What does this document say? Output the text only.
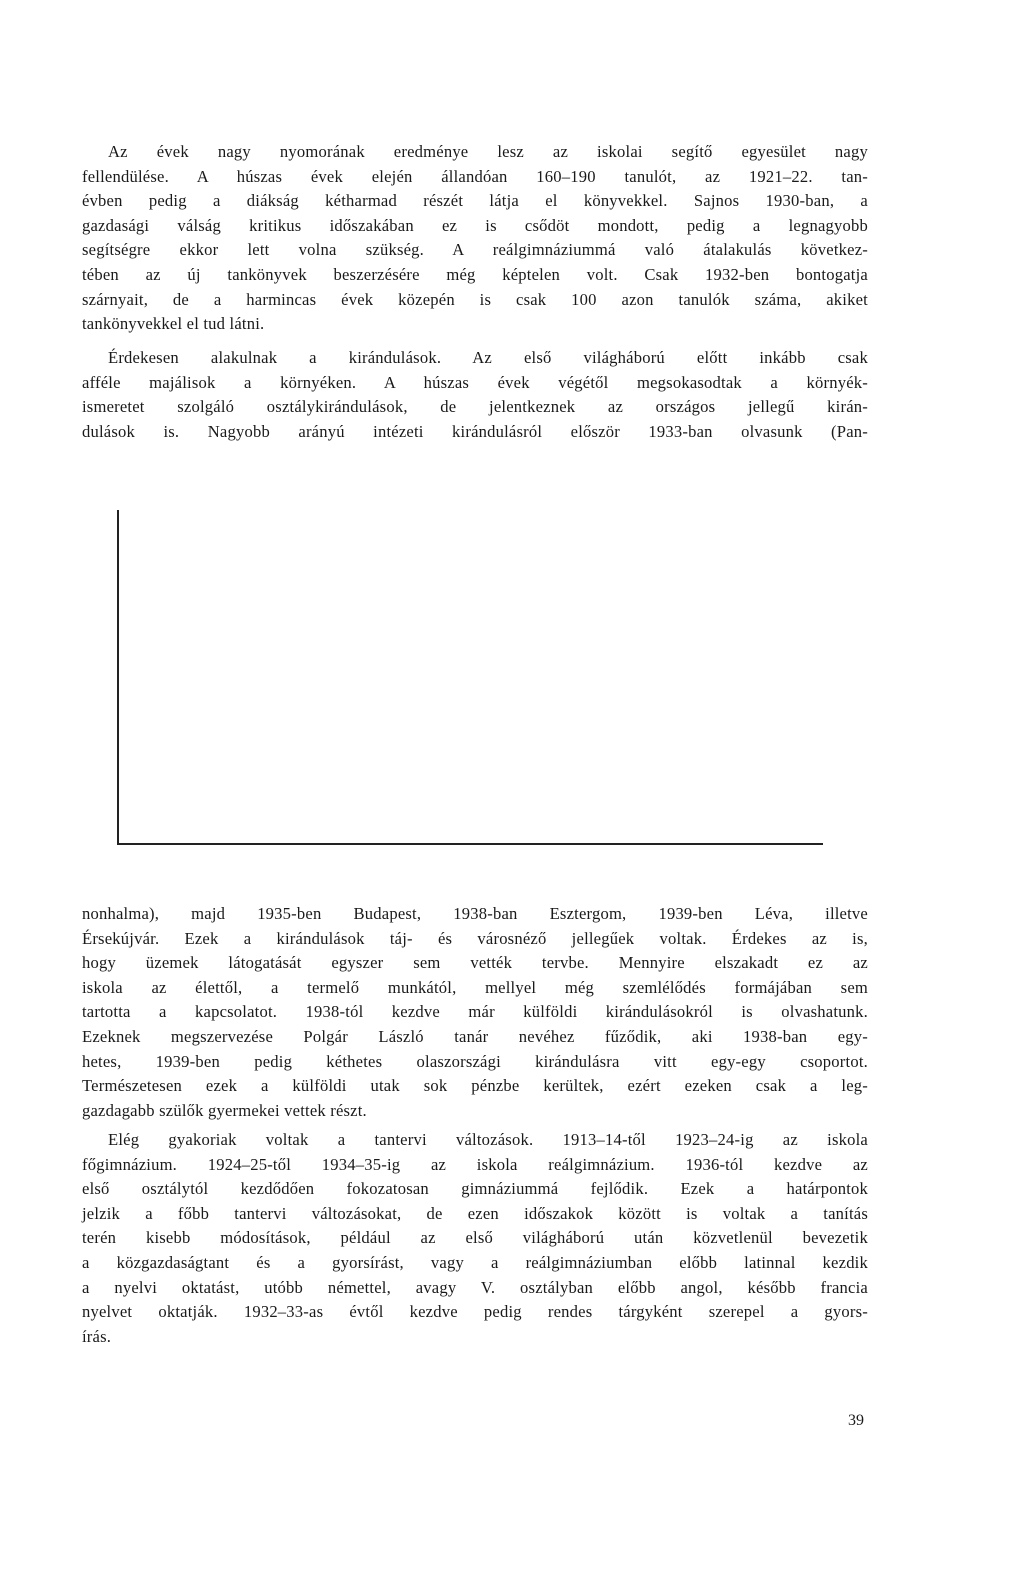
Az évek nagy nyomorának eredménye lesz az iskolai segítő egyesület nagy
fellendülése. A húszas évek elején állandóan 160–190 tanulót, az 1921–22. tan-
évben pedig a diákság kétharmad részét látja el könyvekkel. Sajnos 1930-ban, a
gazdasági válság kritikus időszakában ez is csődöt mondott, pedig a legnagyobb
segítségre ekkor lett volna szükség. A reálgimnáziummá való átalakulás következ-
tében az új tankönyvek beszerzésére még képtelen volt. Csak 1932-ben bontogatja
szárnyait, de a harmincas évek közepén is csak 100 azon tanulók száma, akiket
tankönyvekkel el tud látni.
Érdekesen alakulnak a kirándulások. Az első világháború előtt inkább csak
afféle majálisok a környéken. A húszas évek végétől megsokasodtak a környék-
ismeretet szolgáló osztálykirándulások, de jelentkeznek az országos jellegű kirán-
dulások is. Nagyobb arányú intézeti kirándulásról először 1933-ban olvasunk (Pan-
nonhalma), majd 1935-ben Budapest, 1938-ban Esztergom, 1939-ben Léva, illetve
Érsekújvár. Ezek a kirándulások táj- és városnéző jellegűek voltak. Érdekes az is,
hogy üzemek látogatását egyszer sem vették tervbe. Mennyire elszakadt ez az
iskola az élettől, a termelő munkától, mellyel még szemlélődés formájában sem
tartotta a kapcsolatot. 1938-tól kezdve már külföldi kirándulásokról is olvashatunk.
Ezeknek megszervezése Polgár László tanár nevéhez fűződik, aki 1938-ban egy-
hetes, 1939-ben pedig kéthetes olaszországi kirándulásra vitt egy-egy csoportot.
Természetesen ezek a külföldi utak sok pénzbe kerültek, ezért ezeken csak a leg-
gazdagabb szülők gyermekei vettek részt.
Elég gyakoriak voltak a tantervi változások. 1913–14-től 1923–24-ig az iskola
főgimnázium. 1924–25-től 1934–35-ig az iskola reálgimnázium. 1936-tól kezdve az
első osztálytól kezdődően fokozatosan gimnáziummá fejlődik. Ezek a határpontok
jelzik a főbb tantervi változásokat, de ezen időszakok között is voltak a tanítás
terén kisebb módosítások, például az első világháború után közvetlenül bevezetik
a közgazdaságtant és a gyorsírást, vagy a reálgimnáziumban előbb latinnal kezdik
a nyelvi oktatást, utóbb némettel, avagy V. osztályban előbb angol, később francia
nyelvet oktatják. 1932–33-as évtől kezdve pedig rendes tárgyként szerepel a gyors-
írás.
39
